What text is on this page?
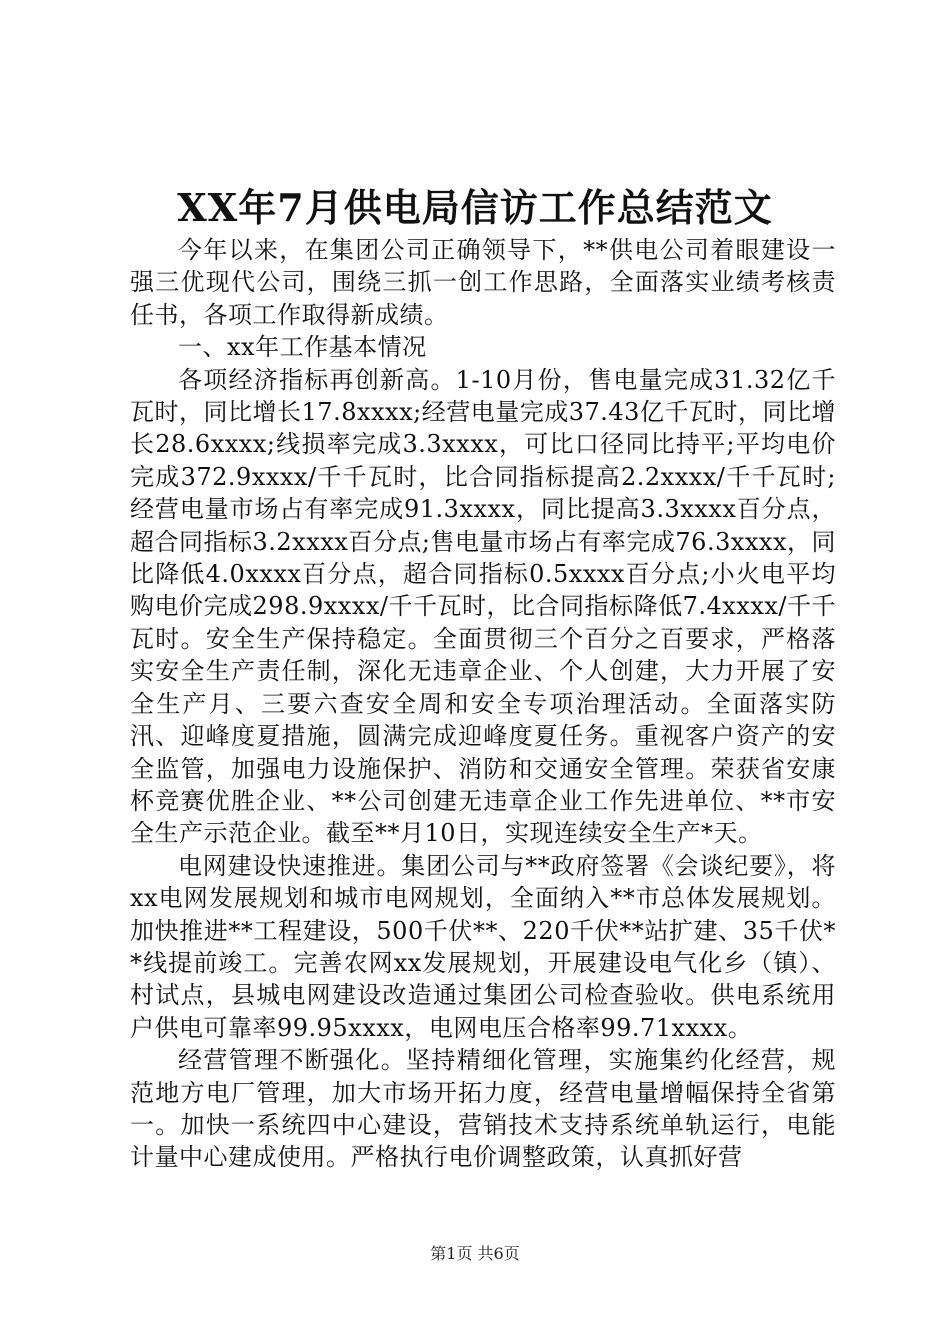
XX年7月供电局信访工作总结范文

今年以来，在集团公司正确领导下，**供电公司着眼建设一强三优现代公司，围绕三抓一创工作思路，全面落实业绩考核责任书，各项工作取得新成绩。

一、xx年工作基本情况

各项经济指标再创新高。1-10月份，售电量完成31.32亿千瓦时，同比增长17.8xxxx;经营电量完成37.43亿千瓦时，同比增长28.6xxxx;线损率完成3.3xxxx，可比口径同比持平;平均电价完成372.9xxxx/千千瓦时，比合同指标提高2.2xxxx/千千瓦时;经营电量市场占有率完成91.3xxxx，同比提高3.3xxxx百分点，超合同指标3.2xxxx百分点;售电量市场占有率完成76.3xxxx，同比降低4.0xxxx百分点，超合同指标0.5xxxx百分点;小火电平均购电价完成298.9xxxx/千千瓦时，比合同指标降低7.4xxxx/千千瓦时。安全生产保持稳定。全面贯彻三个百分之百要求，严格落实安全生产责任制，深化无违章企业、个人创建，大力开展了安全生产月、三要六查安全周和安全专项治理活动。全面落实防汛、迎峰度夏措施，圆满完成迎峰度夏任务。重视客户资产的安全监管，加强电力设施保护、消防和交通安全管理。荣获省安康杯竞赛优胜企业、**公司创建无违章企业工作先进单位、**市安全生产示范企业。截至**月10日，实现连续安全生产*天。

电网建设快速推进。集团公司与**政府签署《会谈纪要》，将xx电网发展规划和城市电网规划，全面纳入**市总体发展规划。加快推进**工程建设，500千伏**、220千伏**站扩建、35千伏**线提前竣工。完善农网xx发展规划，开展建设电气化乡（镇）、村试点，县城电网建设改造通过集团公司检查验收。供电系统用户供电可靠率99.95xxxx，电网电压合格率99.71xxxx。

经营管理不断强化。坚持精细化管理，实施集约化经营，规范地方电厂管理，加大市场开拓力度，经营电量增幅保持全省第一。加快一系统四中心建设，营销技术支持系统单轨运行，电能计量中心建成使用。严格执行电价调整政策，认真抓好营

第1页 共6页
